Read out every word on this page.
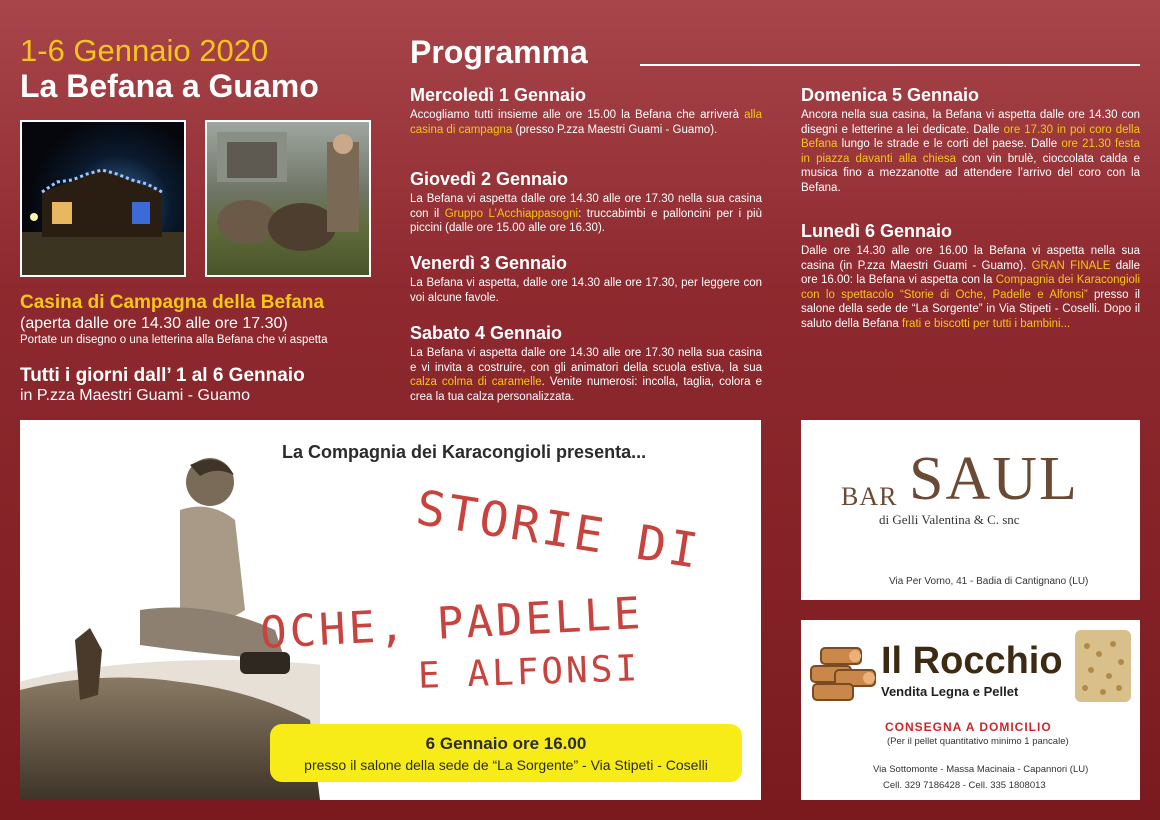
1-6 Gennaio 2020
La Befana a Guamo
Casina di Campagna della Befana
(aperta dalle ore 14.30 alle ore 17.30)
Portate un disegno o una letterina alla Befana che vi aspetta
Tutti i giorni dall’ 1 al 6 Gennaio
in P.zza Maestri Guami - Guamo
Programma
Mercoledì 1 Gennaio
Accogliamo tutti insieme alle ore 15.00 la Befana che arriverà alla casina di campagna (presso P.zza Maestri Guami - Guamo).
Giovedì 2 Gennaio
La Befana vi aspetta dalle ore 14.30 alle ore 17.30 nella sua casina con il Gruppo L’Acchiappasogni: truccabimbi e palloncini per i più piccini (dalle ore 15.00 alle ore 16.30).
Venerdì 3 Gennaio
La Befana vi aspetta, dalle ore 14.30 alle ore 17.30, per leggere con voi alcune favole.
Sabato 4 Gennaio
La Befana vi aspetta dalle ore 14.30 alle ore 17.30 nella sua casina e vi invita a costruire, con gli animatori della scuola estiva, la sua calza colma di caramelle. Venite numerosi: incolla, taglia, colora e crea la tua calza personalizzata.
Domenica 5 Gennaio
Ancora nella sua casina, la Befana vi aspetta dalle ore 14.30 con disegni e letterine a lei dedicate. Dalle ore 17.30 in poi coro della Befana lungo le strade e le corti del paese. Dalle ore 21.30 festa in piazza davanti alla chiesa con vin brulè, cioccolata calda e musica fino a mezzanotte ad attendere l’arrivo del coro con la Befana.
Lunedì 6 Gennaio
Dalle ore 14.30 alle ore 16.00 la Befana vi aspetta nella sua casina (in P.zza Maestri Guami - Guamo). GRAN FINALE dalle ore 16.00: la Befana vi aspetta con la Compagnia dei Karacongioli con lo spettacolo “Storie di Oche, Padelle e Alfonsi” presso il salone della sede de “La Sorgente” in Via Stipeti - Coselli. Dopo il saluto della Befana frati e biscotti per tutti i bambini...
La Compagnia dei Karacongioli presenta...
STORIE DI
OCHE, PADELLE
E ALFONSI
6 Gennaio ore 16.00
presso il salone della sede de “La Sorgente” - Via Stipeti - Coselli
BAR SAUL
di Gelli Valentina & C. snc
Via Per Vorno, 41 - Badia di Cantignano (LU)
Il Rocchio
Vendita Legna e Pellet
CONSEGNA A DOMICILIO
(Per il pellet quantitativo minimo 1 pancale)
Via Sottomonte - Massa Macinaia - Capannori (LU)
Cell. 329 7186428 - Cell. 335 1808013
